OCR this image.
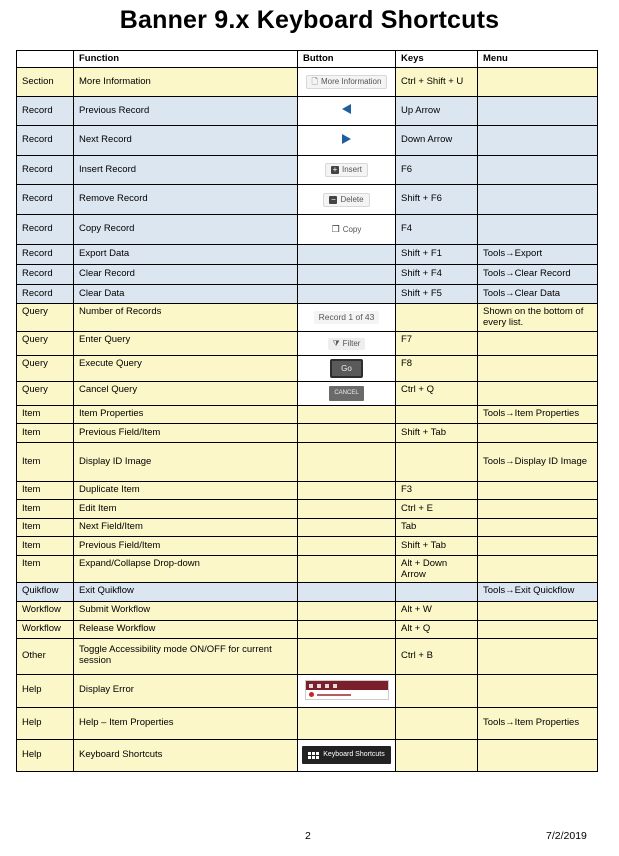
Banner 9.x Keyboard Shortcuts
	Function	Button	Keys	Menu
Section	More Information	🗋 More Information	Ctrl + Shift + U	
Record	Previous Record		Up Arrow	
Record	Next Record		Down Arrow	
Record	Insert Record	+ Insert	F6	
Record	Remove Record	− Delete	Shift + F6	
Record	Copy Record	❐ Copy	F4	
Record	Export Data		Shift + F1	Tools→Export
Record	Clear Record		Shift + F4	Tools→Clear Record
Record	Clear Data		Shift + F5	Tools→Clear Data
Query	Number of Records	Record 1 of 43		Shown on the bottom of every list.
Query	Enter Query	⧩ Filter	F7	
Query	Execute Query	Go	F8	
Query	Cancel Query	CANCEL	Ctrl + Q	
Item	Item Properties			Tools→Item Properties
Item	Previous Field/Item		Shift + Tab	
Item	Display ID Image			Tools→Display ID Image
Item	Duplicate Item		F3	
Item	Edit Item		Ctrl + E	
Item	Next Field/Item		Tab	
Item	Previous Field/Item		Shift + Tab	
Item	Expand/Collapse Drop-down		Alt + Down Arrow	
Quikflow	Exit Quikflow			Tools→Exit Quickflow
Workflow	Submit Workflow		Alt + W	
Workflow	Release Workflow		Alt + Q	
Other	Toggle Accessibility mode ON/OFF for current session		Ctrl + B	
Help	Display Error	

Help	Help – Item Properties			Tools→Item Properties
Help	Keyboard Shortcuts	Keyboard Shortcuts		

2	7/2/2019
